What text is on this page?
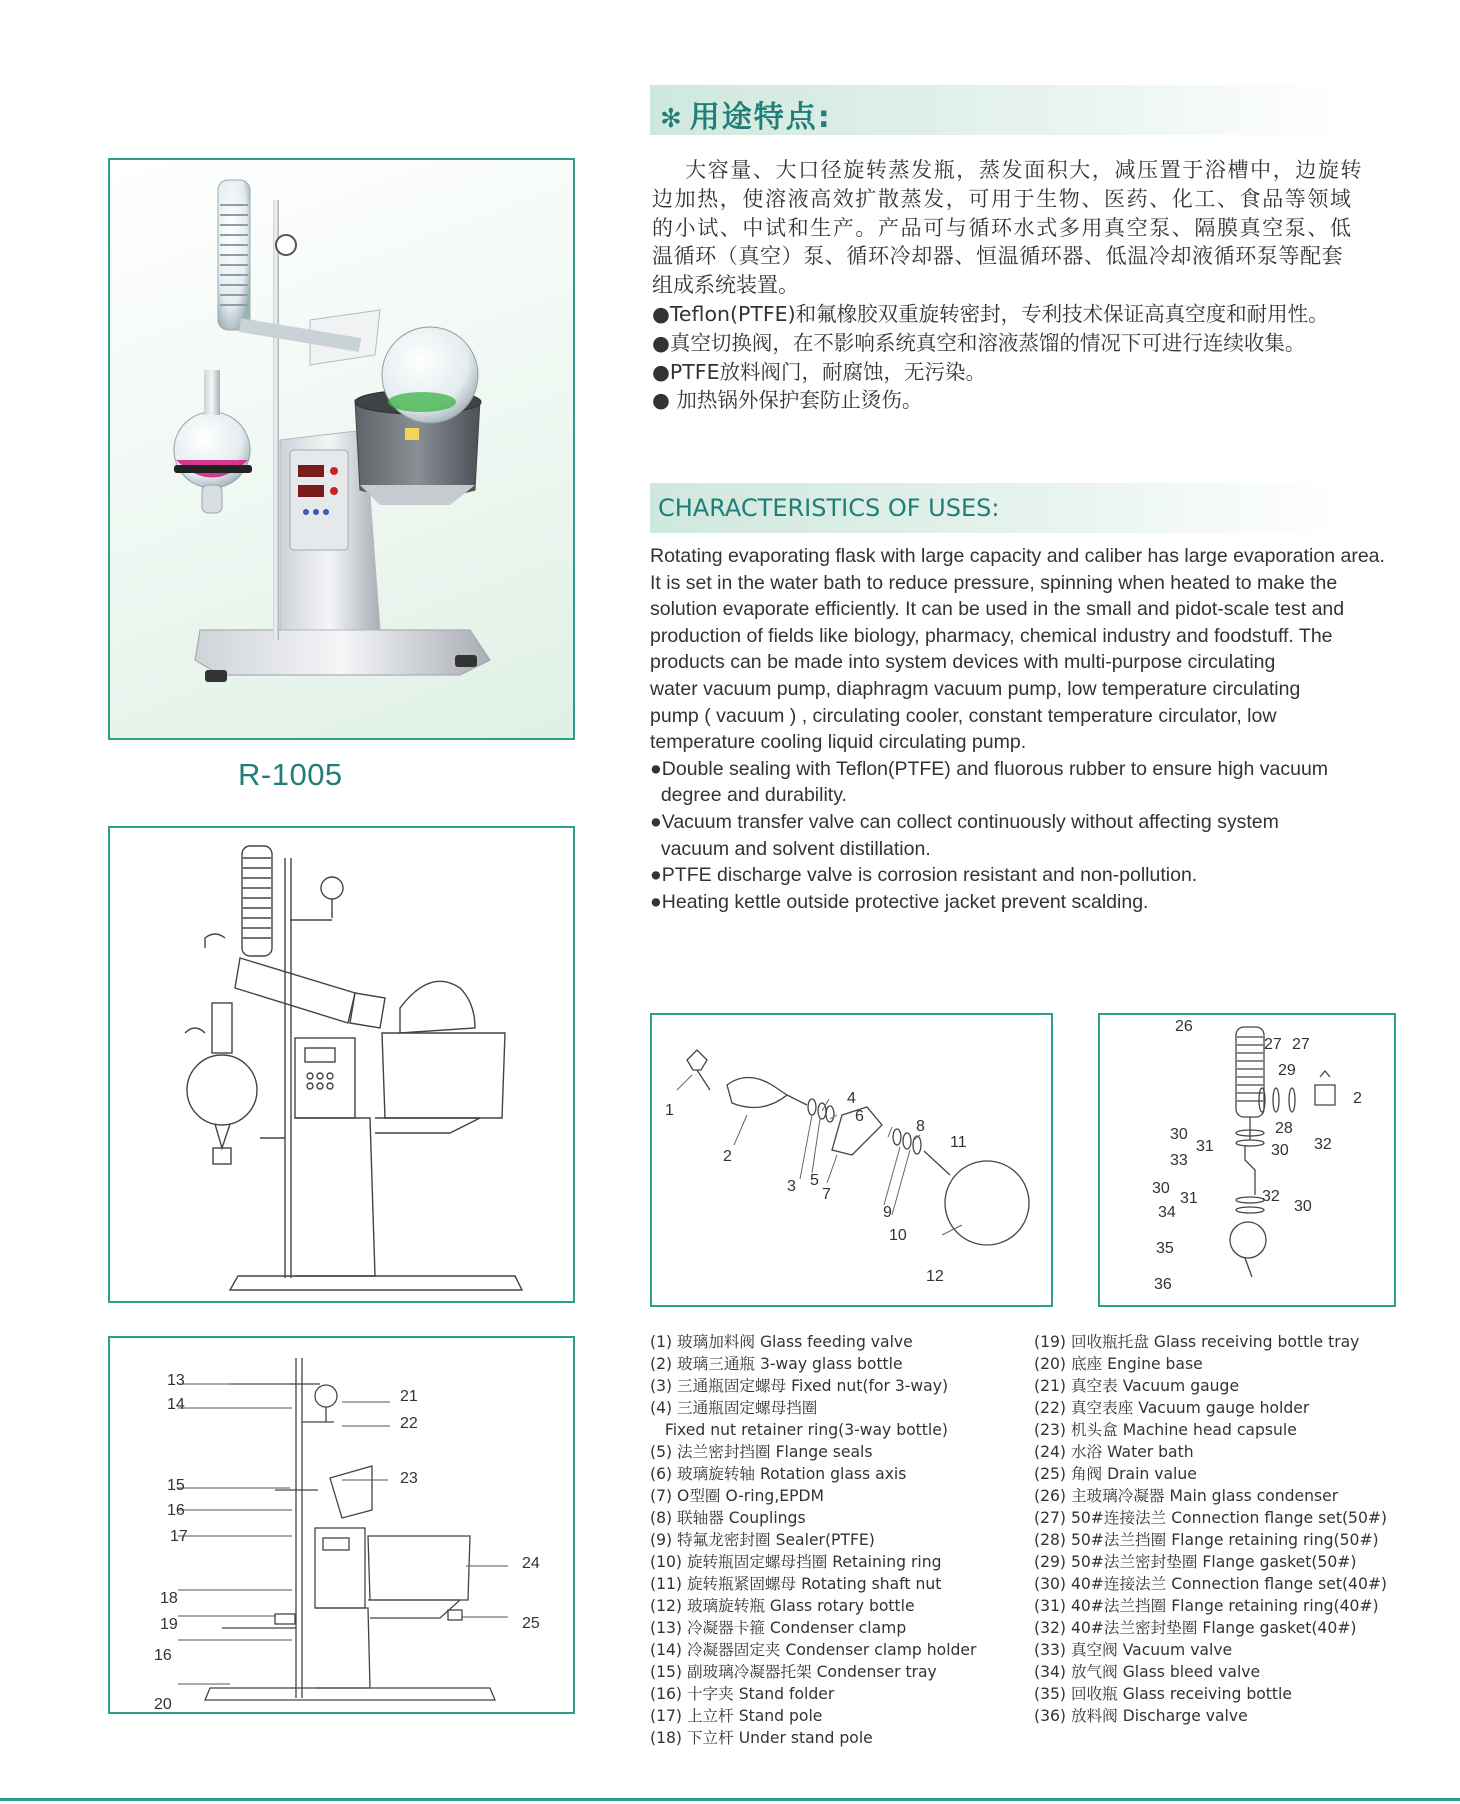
✻ 用途特点:
大容量、大口径旋转蒸发瓶，蒸发面积大，减压置于浴槽中，边旋转
边加热，使溶液高效扩散蒸发，可用于生物、医药、化工、食品等领域
的小试、中试和生产。产品可与循环水式多用真空泵、隔膜真空泵、低
温循环（真空）泵、循环冷却器、恒温循环器、低温冷却液循环泵等配套
组成系统装置。
●Teflon(PTFE)和氟橡胶双重旋转密封，专利技术保证高真空度和耐用性。
●真空切换阀，在不影响系统真空和溶液蒸馏的情况下可进行连续收集。
●PTFE放料阀门，耐腐蚀，无污染。
● 加热锅外保护套防止烫伤。
CHARACTERISTICS OF USES:
Rotating evaporating flask with large capacity and caliber has large evaporation area.
It is set in the water bath to reduce pressure, spinning when heated to make the
solution evaporate efficiently. It can be used in the small and pidot-scale test and
production of fields like biology, pharmacy, chemical industry and foodstuff. The
products can be made into system devices with multi-purpose circulating
water vacuum pump, diaphragm vacuum pump, low temperature circulating
pump ( vacuum ) , circulating cooler, constant temperature circulator, low
temperature cooling liquid circulating pump.
●Double sealing with Teflon(PTFE) and fluorous rubber to ensure high vacuum
degree and durability.
●Vacuum transfer valve can collect continuously without affecting system
vacuum and solvent distillation.
●PTFE discharge valve is corrosion resistant and non-pollution.
●Heating kettle outside protective jacket prevent scalding.
R-1005
13
14	21
22
15
16
23
17
24
18
19	25
16
20
1
2
3
4
5
6
7
8
9
10
11
12
26
27 27
29
28
2
30
31	30 32
33
30
31	32
30
34
35
36
(1) 玻璃加料阀 Glass feeding valve
(2) 玻璃三通瓶 3-way glass bottle
(3) 三通瓶固定螺母 Fixed nut(for 3-way)
(4) 三通瓶固定螺母挡圈
Fixed nut retainer ring(3-way bottle)
(5) 法兰密封挡圈 Flange seals
(6) 玻璃旋转轴 Rotation glass axis
(7) O型圈 O-ring,EPDM
(8) 联轴器 Couplings
(9) 特氟龙密封圈 Sealer(PTFE)
(10) 旋转瓶固定螺母挡圈 Retaining ring
(11) 旋转瓶紧固螺母 Rotating shaft nut
(12) 玻璃旋转瓶 Glass rotary bottle
(13) 冷凝器卡箍 Condenser clamp
(14) 冷凝器固定夹 Condenser clamp holder
(15) 副玻璃冷凝器托架 Condenser tray
(16) 十字夹 Stand folder
(17) 上立杆 Stand pole
(18) 下立杆 Under stand pole
(19) 回收瓶托盘 Glass receiving bottle tray
(20) 底座 Engine base
(21) 真空表 Vacuum gauge
(22) 真空表座 Vacuum gauge holder
(23) 机头盒 Machine head capsule
(24) 水浴 Water bath
(25) 角阀 Drain value
(26) 主玻璃冷凝器 Main glass condenser
(27) 50#连接法兰 Connection flange set(50#)
(28) 50#法兰挡圈 Flange retaining ring(50#)
(29) 50#法兰密封垫圈 Flange gasket(50#)
(30) 40#连接法兰 Connection flange set(40#)
(31) 40#法兰挡圈 Flange retaining ring(40#)
(32) 40#法兰密封垫圈 Flange gasket(40#)
(33) 真空阀 Vacuum valve
(34) 放气阀 Glass bleed valve
(35) 回收瓶 Glass receiving bottle
(36) 放料阀 Discharge valve
